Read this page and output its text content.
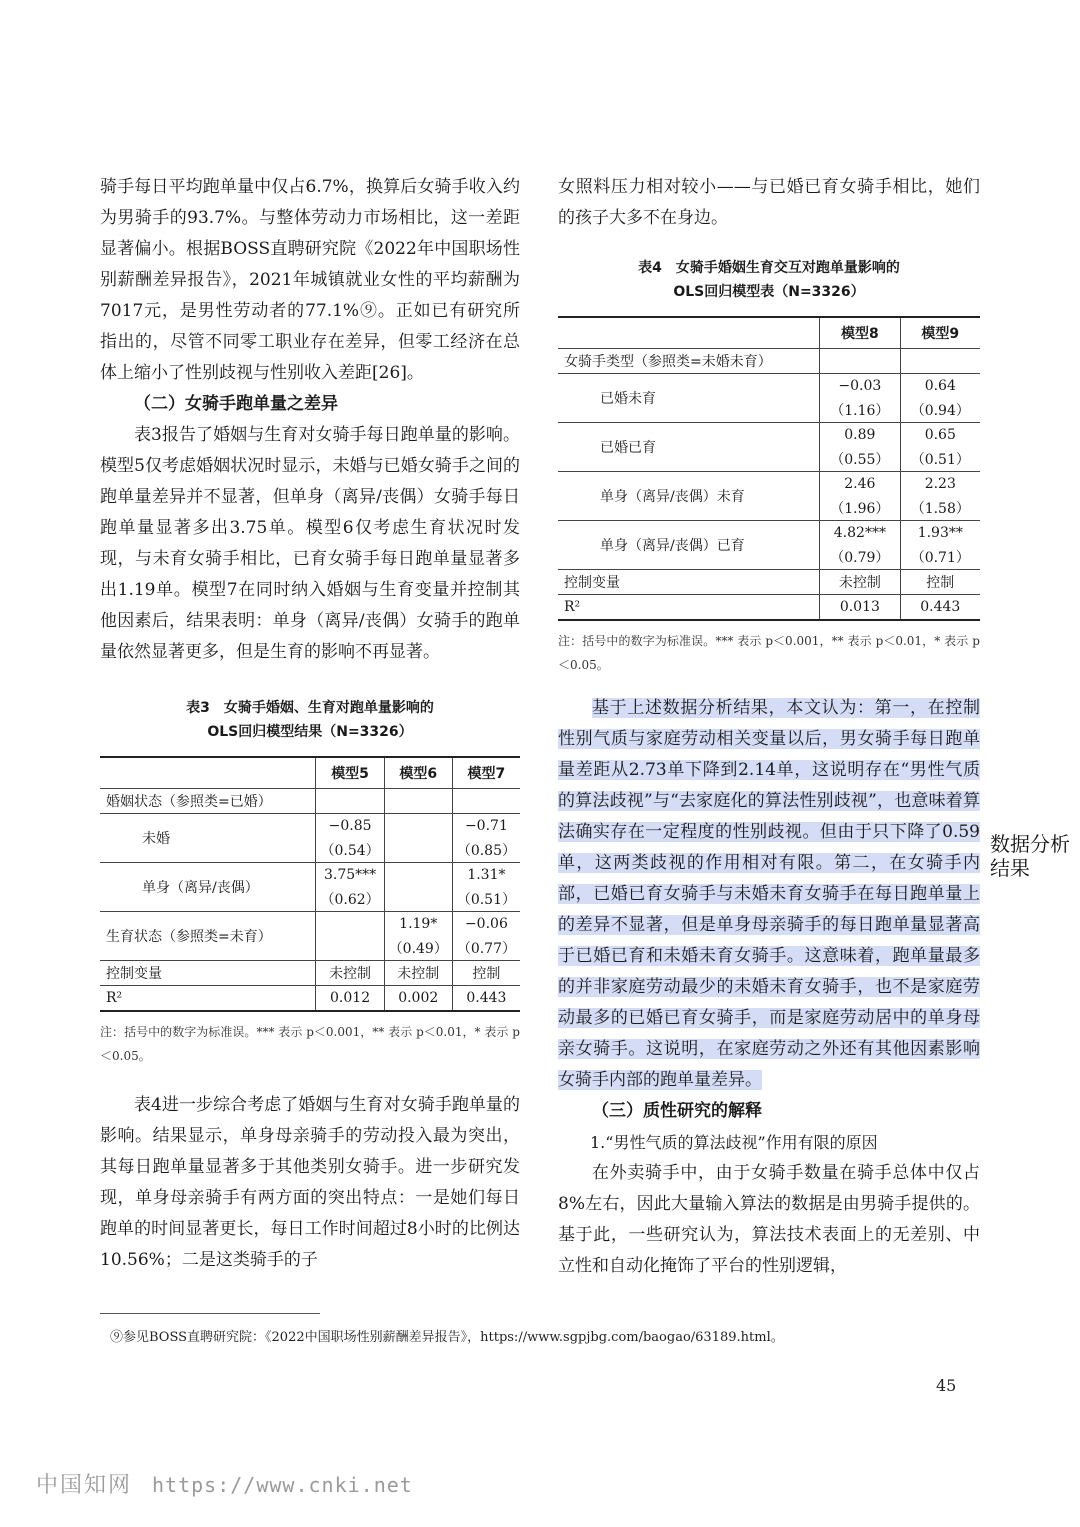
骑手每日平均跑单量中仅占6.7%，换算后女骑手收入约为男骑手的93.7%。与整体劳动力市场相比，这一差距显著偏小。根据BOSS直聘研究院《2022年中国职场性别薪酬差异报告》，2021年城镇就业女性的平均薪酬为7017元，是男性劳动者的77.1%⑨。正如已有研究所指出的，尽管不同零工职业存在差异，但零工经济在总体上缩小了性别歧视与性别收入差距[26]。

（二）女骑手跑单量之差异

表3报告了婚姻与生育对女骑手每日跑单量的影响。模型5仅考虑婚姻状况时显示，未婚与已婚女骑手之间的跑单量差异并不显著，但单身（离异/丧偶）女骑手每日跑单量显著多出3.75单。模型6仅考虑生育状况时发现，与未育女骑手相比，已育女骑手每日跑单量显著多出1.19单。模型7在同时纳入婚姻与生育变量并控制其他因素后，结果表明：单身（离异/丧偶）女骑手的跑单量依然显著更多，但是生育的影响不再显著。

表3　女骑手婚姻、生育对跑单量影响的

OLS回归模型结果（N=3326）

	模型5	模型6	模型7
婚姻状态（参照类=已婚）			
未婚	−0.85		−0.71
	（0.54）		（0.85）
单身（离异/丧偶）	3.75***		1.31*
	（0.62）		（0.51）
生育状态（参照类=未育）		1.19*	−0.06
		（0.49）	（0.77）
控制变量	未控制	未控制	控制
R²	0.012	0.002	0.443

注：括号中的数字为标准误。*** 表示 p＜0.001，** 表示 p＜0.01，* 表示 p＜0.05。

表4进一步综合考虑了婚姻与生育对女骑手跑单量的影响。结果显示，单身母亲骑手的劳动投入最为突出，其每日跑单量显著多于其他类别女骑手。进一步研究发现，单身母亲骑手有两方面的突出特点：一是她们每日跑单的时间显著更长，每日工作时间超过8小时的比例达10.56%；二是这类骑手的子

女照料压力相对较小——与已婚已育女骑手相比，她们的孩子大多不在身边。

表4　女骑手婚姻生育交互对跑单量影响的

OLS回归模型表（N=3326）

	模型8	模型9
女骑手类型（参照类=未婚未育）		
已婚未育	−0.03	0.64
	（1.16）	（0.94）
已婚已育	0.89	0.65
	（0.55）	（0.51）
单身（离异/丧偶）未育	2.46	2.23
	（1.96）	（1.58）
单身（离异/丧偶）已育	4.82***	1.93**
	（0.79）	（0.71）
控制变量	未控制	控制
R²	0.013	0.443

注：括号中的数字为标准误。*** 表示 p＜0.001，** 表示 p＜0.01，* 表示 p＜0.05。

基于上述数据分析结果，本文认为：第一，在控制性别气质与家庭劳动相关变量以后，男女骑手每日跑单量差距从2.73单下降到2.14单，这说明存在“男性气质的算法歧视”与“去家庭化的算法性别歧视”，也意味着算法确实存在一定程度的性别歧视。但由于只下降了0.59单，这两类歧视的作用相对有限。第二，在女骑手内部，已婚已育女骑手与未婚未育女骑手在每日跑单量上的差异不显著，但是单身母亲骑手的每日跑单量显著高于已婚已育和未婚未育女骑手。这意味着，跑单量最多的并非家庭劳动最少的未婚未育女骑手，也不是家庭劳动最多的已婚已育女骑手，而是家庭劳动居中的单身母亲女骑手。这说明，在家庭劳动之外还有其他因素影响女骑手内部的跑单量差异。

（三）质性研究的解释

1.“男性气质的算法歧视”作用有限的原因

在外卖骑手中，由于女骑手数量在骑手总体中仅占8%左右，因此大量输入算法的数据是由男骑手提供的。基于此，一些研究认为，算法技术表面上的无差别、中立性和自动化掩饰了平台的性别逻辑，

数据分析结果
⑨参见BOSS直聘研究院：《2022中国职场性别薪酬差异报告》，https://www.sgpjbg.com/baogao/63189.html。
45
中国知网 https://www.cnki.net
